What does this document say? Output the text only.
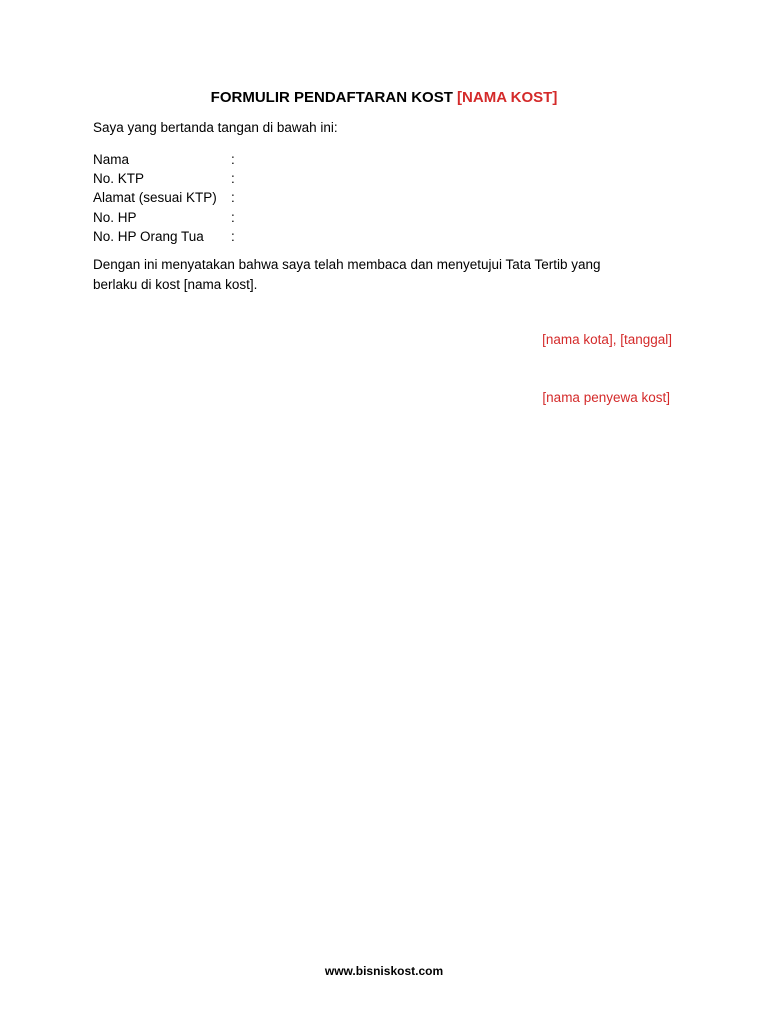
FORMULIR PENDAFTARAN KOST [NAMA KOST]
Saya yang bertanda tangan di bawah ini:
Nama	:
No. KTP	:
Alamat (sesuai KTP) :
No. HP	:
No. HP Orang Tua :
Dengan ini menyatakan bahwa saya telah membaca dan menyetujui Tata Tertib yang
berlaku di kost [nama kost].
[nama kota], [tanggal]
[nama penyewa kost]
www.bisniskost.com
